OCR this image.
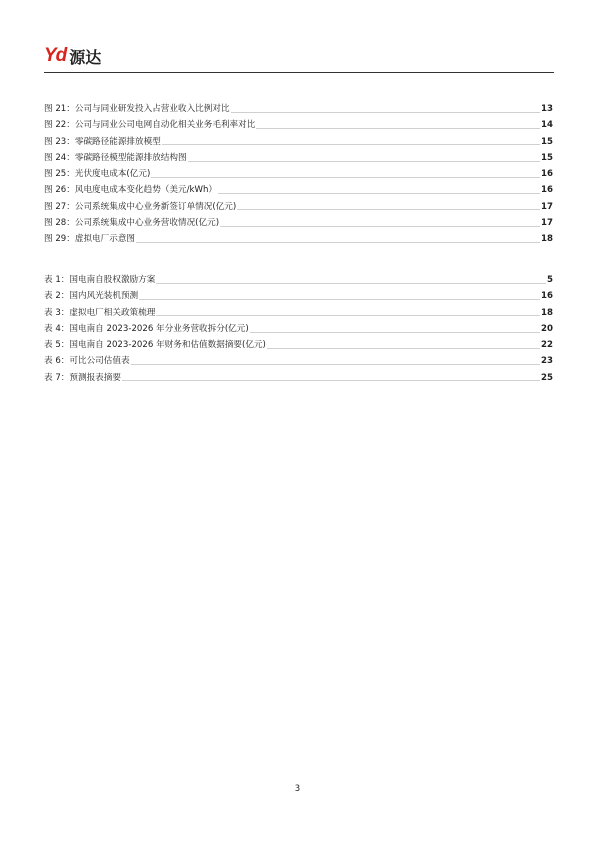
Yd 源达
图 21：公司与同业研发投入占营业收入比例对比	13
图 22：公司与同业公司电网自动化相关业务毛利率对比	14
图 23：零碳路径能源排放模型	15
图 24：零碳路径模型能源排放结构图	15
图 25：光伏度电成本(亿元)	16
图 26：风电度电成本变化趋势（美元/kWh）	16
图 27：公司系统集成中心业务新签订单情况(亿元)	17
图 28：公司系统集成中心业务营收情况(亿元)	17
图 29：虚拟电厂示意图	18
表 1：国电南自股权激励方案	5
表 2：国内风光装机预测	16
表 3：虚拟电厂相关政策梳理	18
表 4：国电南自 2023-2026 年分业务营收拆分(亿元)	20
表 5：国电南自 2023-2026 年财务和估值数据摘要(亿元)	22
表 6：可比公司估值表	23
表 7：预测报表摘要	25
3
